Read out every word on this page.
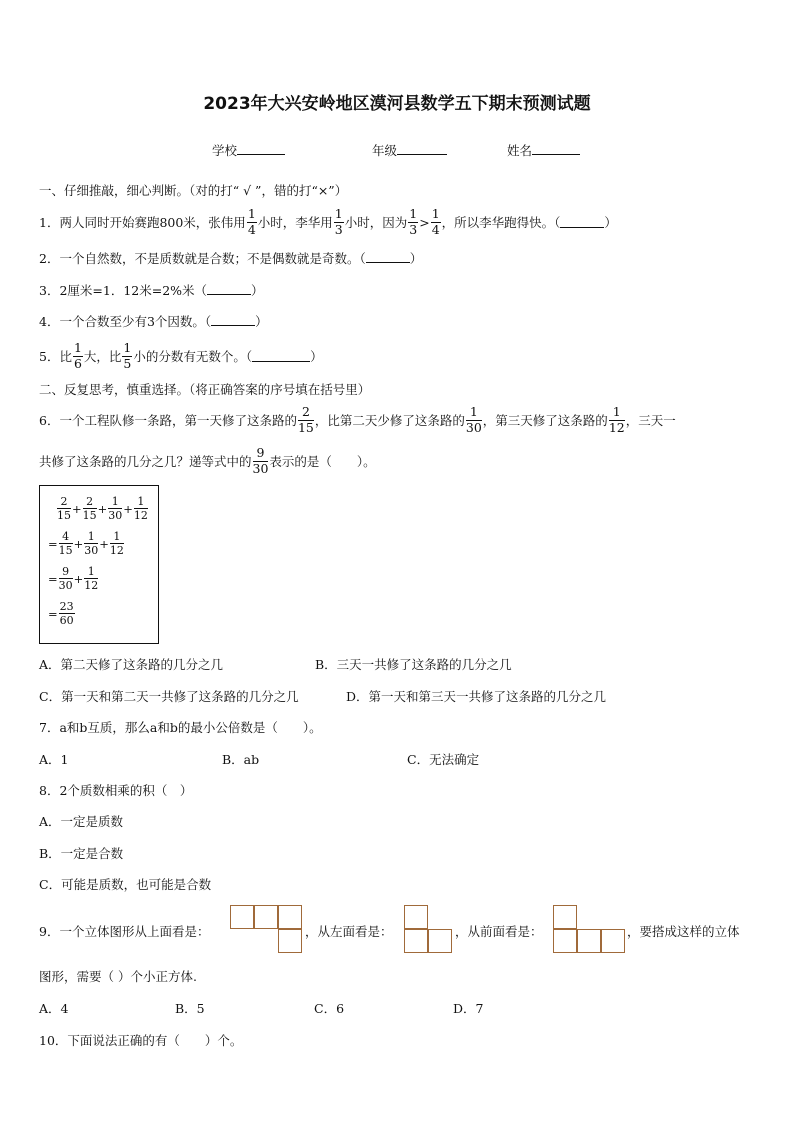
2023年大兴安岭地区漠河县数学五下期末预测试题
学校	年级	姓名
一、仔细推敲，细心判断。（对的打“ √ ”，错的打“×”）
1．两人同时开始赛跑800米，张伟用 $\frac{1}{4}$ 小时，李华用 $\frac{1}{3}$ 小时，因为 $\frac{1}{3} > \frac{1}{4}$ ，所以李华跑得快。（	）
2．一个自然数，不是质数就是合数；不是偶数就是奇数。（	）
3．2厘米=1．12米=2%米（	）
4．一个合数至少有3个因数。（	）
5．比 $\frac{1}{6}$ 大，比 $\frac{1}{5}$ 小的分数有无数个。（	）
二、反复思考，慎重选择。（将正确答案的序号填在括号里）
6．一个工程队修一条路，第一天修了这条路的 $\frac{2}{15}$ ，比第二天少修了这条路的 $\frac{1}{30}$ ，第三天修了这条路的 $\frac{1}{12}$ ，三天一
共修了这条路的几分之几？递等式中的 $\frac{9}{30}$ 表示的是（　　）。
$\frac{2}{15} + \frac{2}{15} + \frac{1}{30} + \frac{1}{12}$
= $\frac{4}{15} + \frac{1}{30} + \frac{1}{12}$
= $\frac{9}{30} + \frac{1}{12}$
= $\frac{23}{60}$
A．第二天修了这条路的几分之几	B．三天一共修了这条路的几分之几
C．第一天和第二天一共修了这条路的几分之几	D．第一天和第三天一共修了这条路的几分之几
7．a和b互质，那么a和b的最小公倍数是（　　）。
A．1	B．ab	C．无法确定
8．2个质数相乘的积（　）
A．一定是质数
B．一定是合数
C．可能是质数，也可能是合数
9．一个立体图形从上面看是：	，从左面看是：	，从前面看是：	，要搭成这样的立体
图形，需要（ ）个小正方体.
A．4	B．5	C．6	D．7
10．下面说法正确的有（　　）个。
